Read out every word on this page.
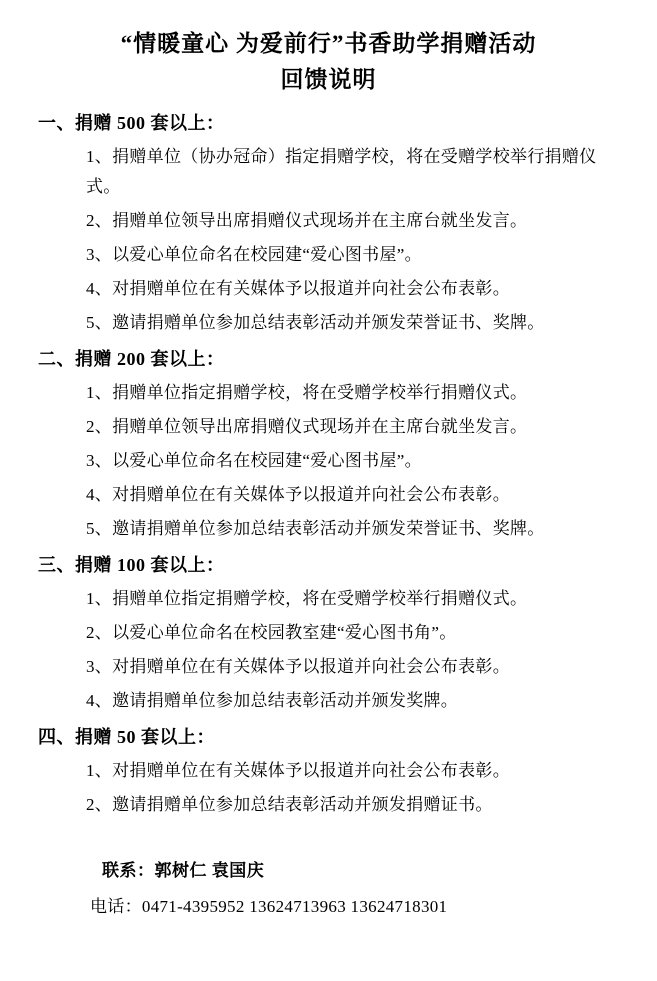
“情暖童心 为爱前行”书香助学捐赠活动
回馈说明
一、捐赠 500 套以上：
1、捐赠单位（协办冠命）指定捐赠学校，将在受赠学校举行捐赠仪式。
2、捐赠单位领导出席捐赠仪式现场并在主席台就坐发言。
3、以爱心单位命名在校园建“爱心图书屋”。
4、对捐赠单位在有关媒体予以报道并向社会公布表彰。
5、邀请捐赠单位参加总结表彰活动并颁发荣誉证书、奖牌。
二、捐赠 200 套以上：
1、捐赠单位指定捐赠学校，将在受赠学校举行捐赠仪式。
2、捐赠单位领导出席捐赠仪式现场并在主席台就坐发言。
3、以爱心单位命名在校园建“爱心图书屋”。
4、对捐赠单位在有关媒体予以报道并向社会公布表彰。
5、邀请捐赠单位参加总结表彰活动并颁发荣誉证书、奖牌。
三、捐赠 100 套以上：
1、捐赠单位指定捐赠学校，将在受赠学校举行捐赠仪式。
2、以爱心单位命名在校园教室建“爱心图书角”。
3、对捐赠单位在有关媒体予以报道并向社会公布表彰。
4、邀请捐赠单位参加总结表彰活动并颁发奖牌。
四、捐赠 50 套以上：
1、对捐赠单位在有关媒体予以报道并向社会公布表彰。
2、邀请捐赠单位参加总结表彰活动并颁发捐赠证书。
联系：郭树仁 袁国庆
电话：0471-4395952 13624713963 13624718301
